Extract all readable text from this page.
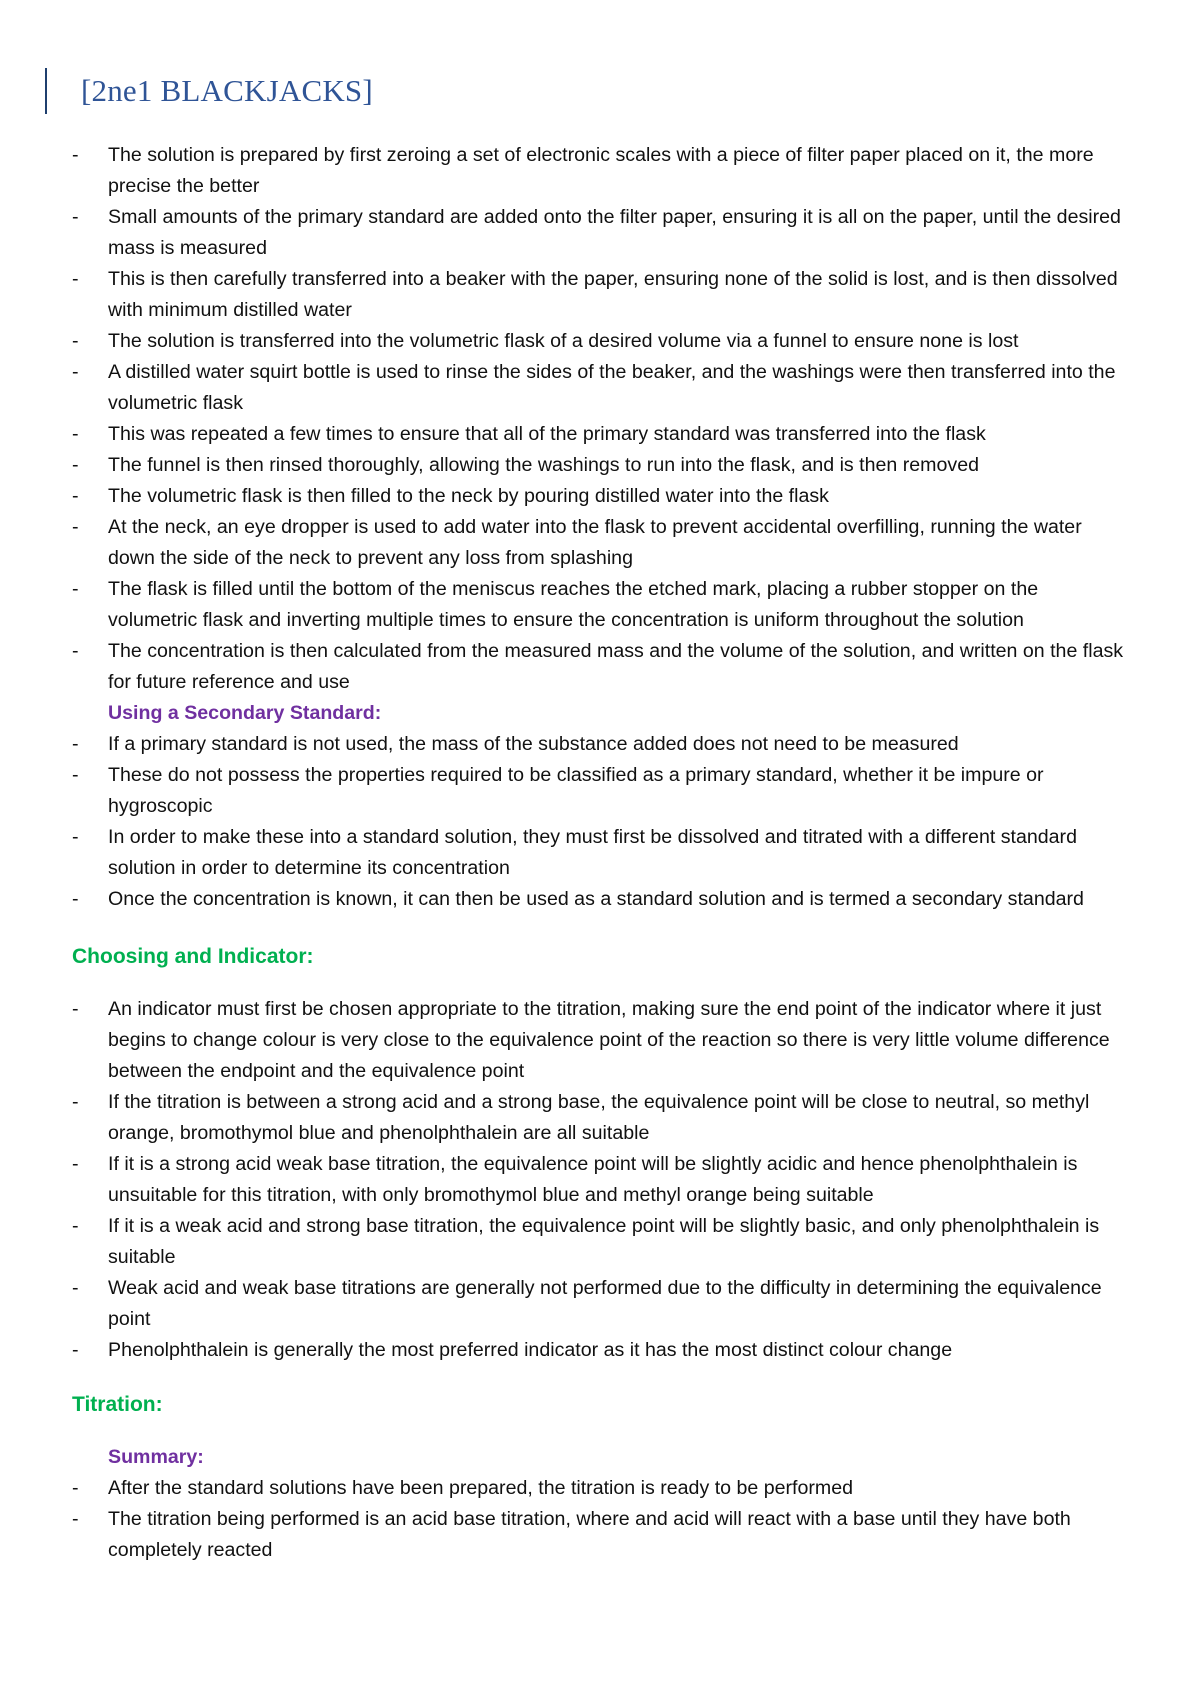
[2ne1 BLACKJACKS]
-	The solution is prepared by first zeroing a set of electronic scales with a piece of filter paper placed on it, the more precise the better
-	Small amounts of the primary standard are added onto the filter paper, ensuring it is all on the paper, until the desired mass is measured
-	This is then carefully transferred into a beaker with the paper, ensuring none of the solid is lost, and is then dissolved with minimum distilled water
-	The solution is transferred into the volumetric flask of a desired volume via a funnel to ensure none is lost
-	A distilled water squirt bottle is used to rinse the sides of the beaker, and the washings were then transferred into the volumetric flask
-	This was repeated a few times to ensure that all of the primary standard was transferred into the flask
-	The funnel is then rinsed thoroughly, allowing the washings to run into the flask, and is then removed
-	The volumetric flask is then filled to the neck by pouring distilled water into the flask
-	At the neck, an eye dropper is used to add water into the flask to prevent accidental overfilling, running the water down the side of the neck to prevent any loss from splashing
-	The flask is filled until the bottom of the meniscus reaches the etched mark, placing a rubber stopper on the volumetric flask and inverting multiple times to ensure the concentration is uniform throughout the solution
-	The concentration is then calculated from the measured mass and the volume of the solution, and written on the flask for future reference and use
Using a Secondary Standard:
-	If a primary standard is not used, the mass of the substance added does not need to be measured
-	These do not possess the properties required to be classified as a primary standard, whether it be impure or hygroscopic
-	In order to make these into a standard solution, they must first be dissolved and titrated with a different standard solution in order to determine its concentration
-	Once the concentration is known, it can then be used as a standard solution and is termed a secondary standard
Choosing and Indicator:
-	An indicator must first be chosen appropriate to the titration, making sure the end point of the indicator where it just begins to change colour is very close to the equivalence point of the reaction so there is very little volume difference between the endpoint and the equivalence point
-	If the titration is between a strong acid and a strong base, the equivalence point will be close to neutral, so methyl orange, bromothymol blue and phenolphthalein are all suitable
-	If it is a strong acid weak base titration, the equivalence point will be slightly acidic and hence phenolphthalein is unsuitable for this titration, with only bromothymol blue and methyl orange being suitable
-	If it is a weak acid and strong base titration, the equivalence point will be slightly basic, and only phenolphthalein is suitable
-	Weak acid and weak base titrations are generally not performed due to the difficulty in determining the equivalence point
-	Phenolphthalein is generally the most preferred indicator as it has the most distinct colour change
Titration:
Summary:
-	After the standard solutions have been prepared, the titration is ready to be performed
-	The titration being performed is an acid base titration, where and acid will react with a base until they have both completely reacted
